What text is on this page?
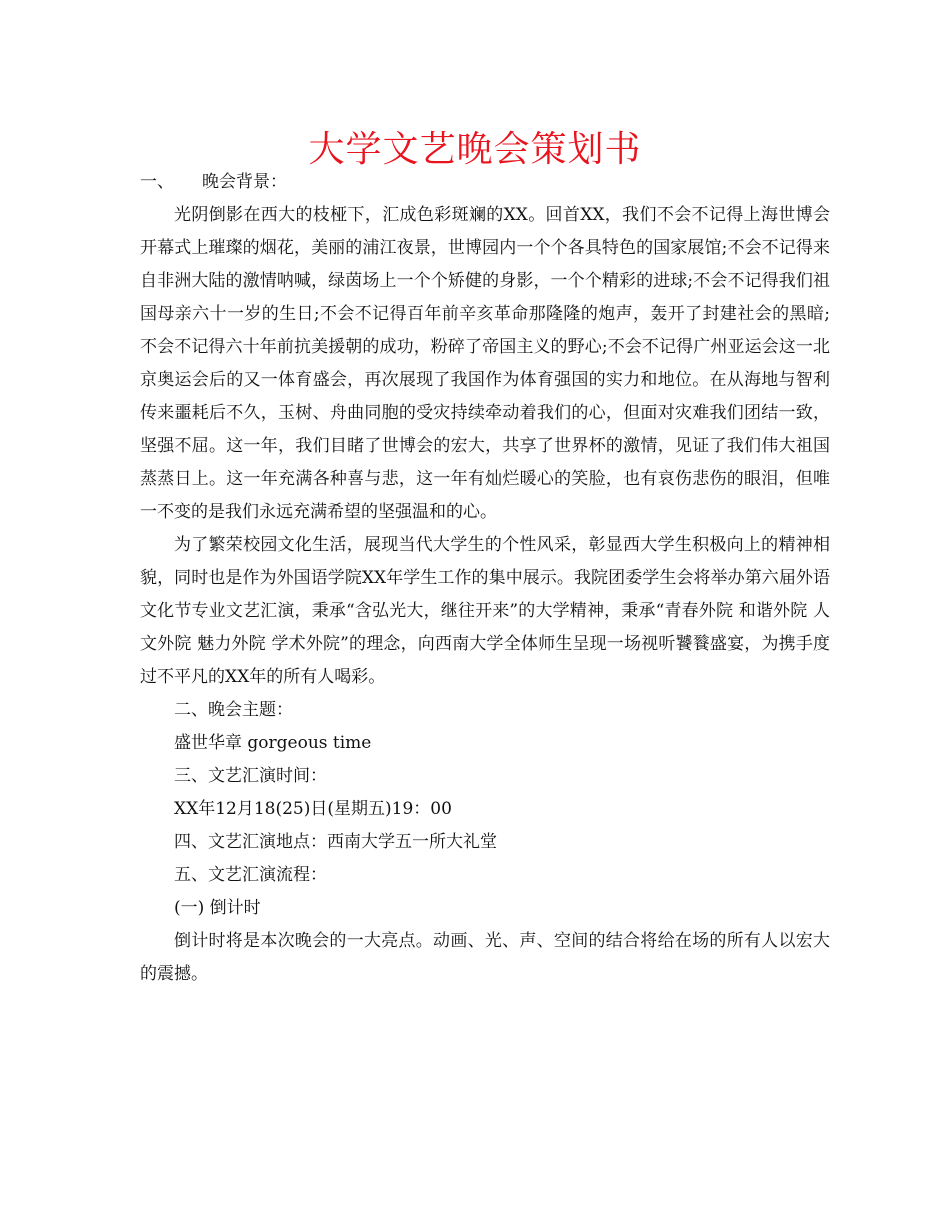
大学文艺晚会策划书

一、 晚会背景：

光阴倒影在西大的枝桠下，汇成色彩斑斓的XX。回首XX，我们不会不记得上海世博会开幕式上璀璨的烟花，美丽的浦江夜景，世博园内一个个各具特色的国家展馆;不会不记得来自非洲大陆的激情呐喊，绿茵场上一个个矫健的身影，一个个精彩的进球;不会不记得我们祖国母亲六十一岁的生日;不会不记得百年前辛亥革命那隆隆的炮声，轰开了封建社会的黑暗;不会不记得六十年前抗美援朝的成功，粉碎了帝国主义的野心;不会不记得广州亚运会这一北京奥运会后的又一体育盛会，再次展现了我国作为体育强国的实力和地位。在从海地与智利传来噩耗后不久，玉树、舟曲同胞的受灾持续牵动着我们的心，但面对灾难我们团结一致，坚强不屈。这一年，我们目睹了世博会的宏大，共享了世界杯的激情，见证了我们伟大祖国蒸蒸日上。这一年充满各种喜与悲，这一年有灿烂暖心的笑脸，也有哀伤悲伤的眼泪，但唯一不变的是我们永远充满希望的坚强温和的心。

为了繁荣校园文化生活，展现当代大学生的个性风采，彰显西大学生积极向上的精神相貌，同时也是作为外国语学院XX年学生工作的集中展示。我院团委学生会将举办第六届外语文化节专业文艺汇演，秉承“含弘光大，继往开来”的大学精神，秉承“青春外院 和谐外院 人文外院 魅力外院 学术外院”的理念，向西南大学全体师生呈现一场视听饕餮盛宴，为携手度过不平凡的XX年的所有人喝彩。

二、晚会主题：

盛世华章 gorgeous time

三、文艺汇演时间：

XX年12月18(25)日(星期五)19：00

四、文艺汇演地点：西南大学五一所大礼堂

五、文艺汇演流程：

(一) 倒计时

倒计时将是本次晚会的一大亮点。动画、光、声、空间的结合将给在场的所有人以宏大的震撼。
